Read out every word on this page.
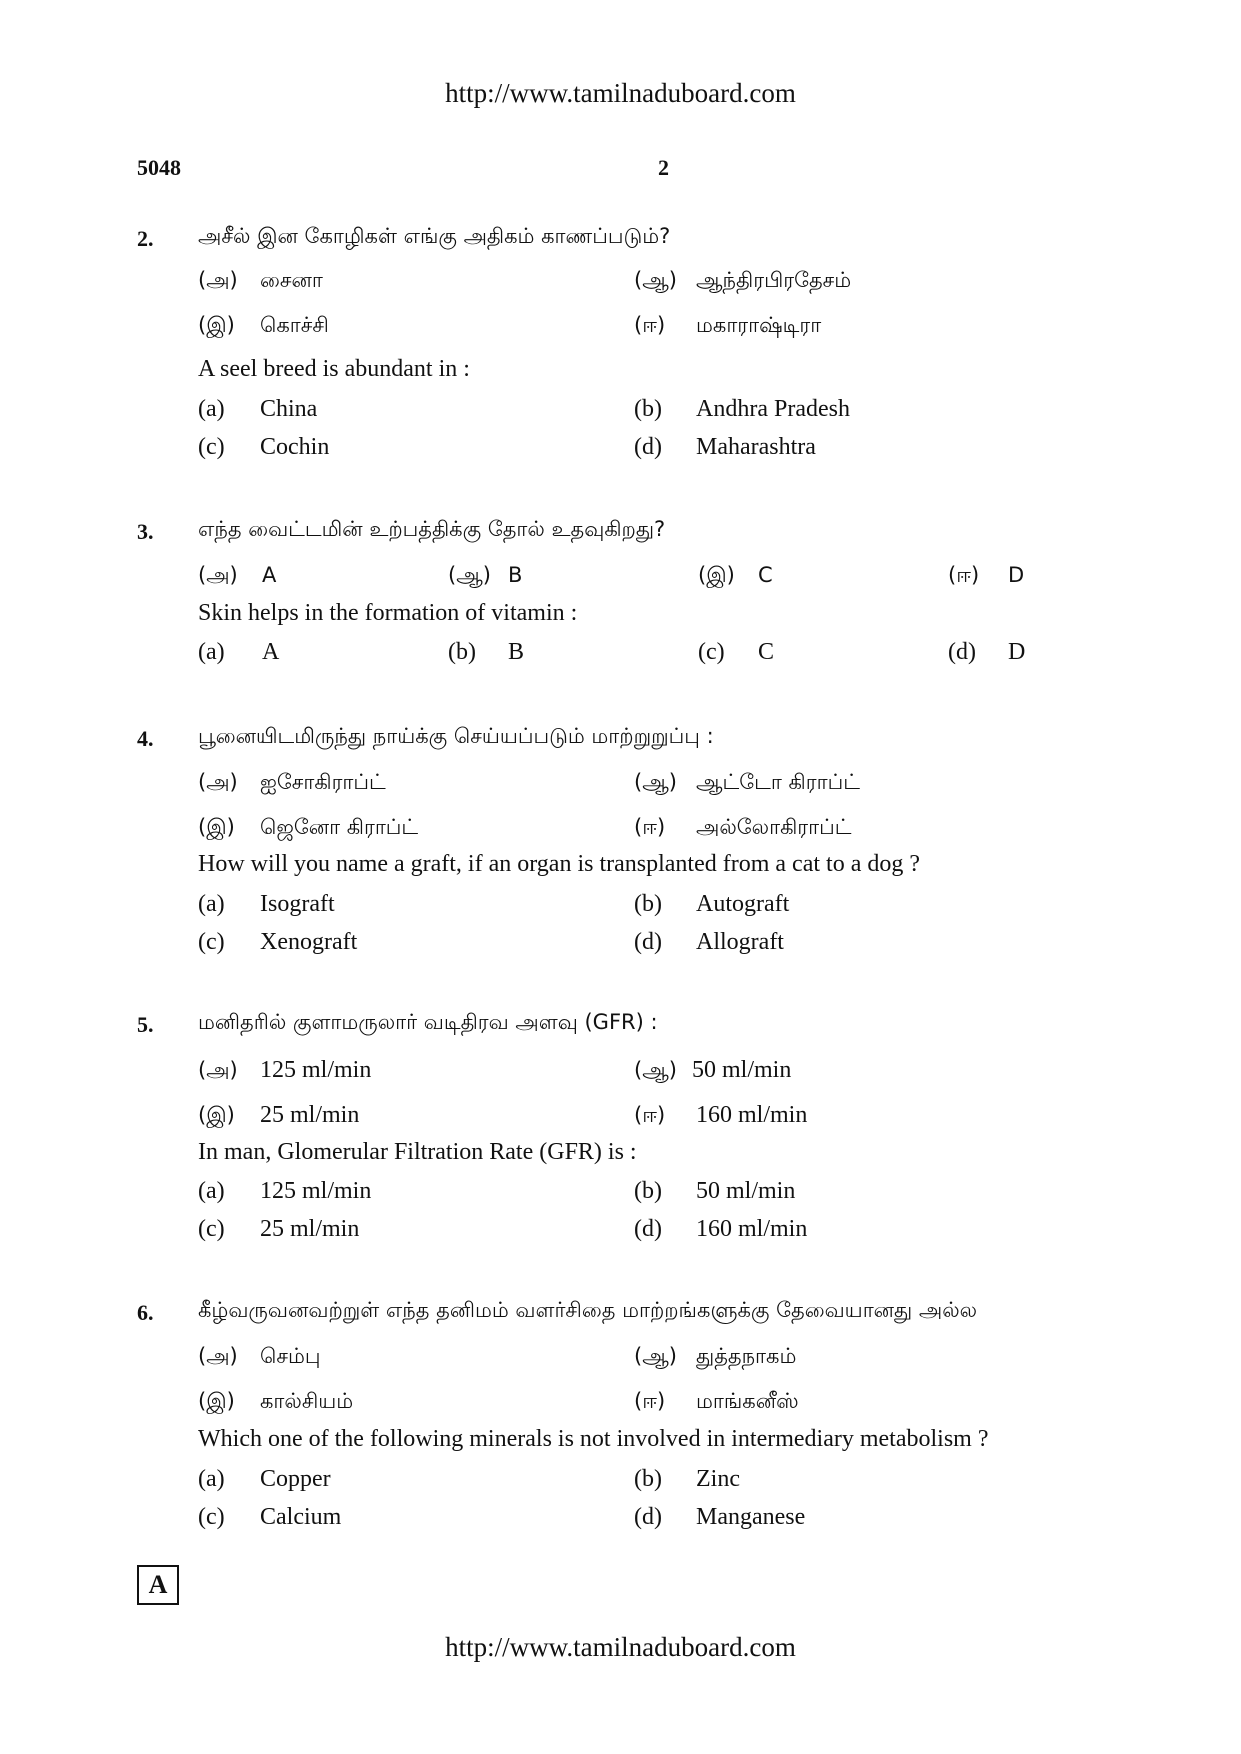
http://www.tamilnaduboard.com
5048	2
2. அசீல் இன கோழிகள் எங்கு அதிகம் காணப்படும்?
(அ) சைனா	(ஆ) ஆந்திரபிரதேசம்
(இ) கொச்சி	(ஈ) மகாராஷ்டிரா
A seel breed is abundant in :
(a) China	(b) Andhra Pradesh
(c) Cochin	(d) Maharashtra
3. எந்த வைட்டமின் உற்பத்திக்கு தோல் உதவுகிறது?
(அ) A	(ஆ) B	(இ) C	(ஈ) D
Skin helps in the formation of vitamin :
(a) A	(b) B	(c) C	(d) D
4. பூனையிடமிருந்து நாய்க்கு செய்யப்படும் மாற்றுறுப்பு :
(அ) ஐசோகிராப்ட்	(ஆ) ஆட்டோ கிராப்ட்
(இ) ஜெனோ கிராப்ட்	(ஈ) அல்லோகிராப்ட்
How will you name a graft, if an organ is transplanted from a cat to a dog ?
(a) Isograft	(b) Autograft
(c) Xenograft	(d) Allograft
5. மனிதரில் குளாமருலார் வடிதிரவ அளவு (GFR) :
(அ) 125 ml/min	(ஆ) 50 ml/min
(இ) 25 ml/min	(ஈ) 160 ml/min
In man, Glomerular Filtration Rate (GFR) is :
(a) 125 ml/min	(b) 50 ml/min
(c) 25 ml/min	(d) 160 ml/min
6. கீழ்வருவனவற்றுள் எந்த தனிமம் வளர்சிதை மாற்றங்களுக்கு தேவையானது அல்ல
(அ) செம்பு	(ஆ) துத்தநாகம்
(இ) கால்சியம்	(ஈ) மாங்கனீஸ்
Which one of the following minerals is not involved in intermediary metabolism ?
(a) Copper	(b) Zinc
(c) Calcium	(d) Manganese
A
http://www.tamilnaduboard.com
